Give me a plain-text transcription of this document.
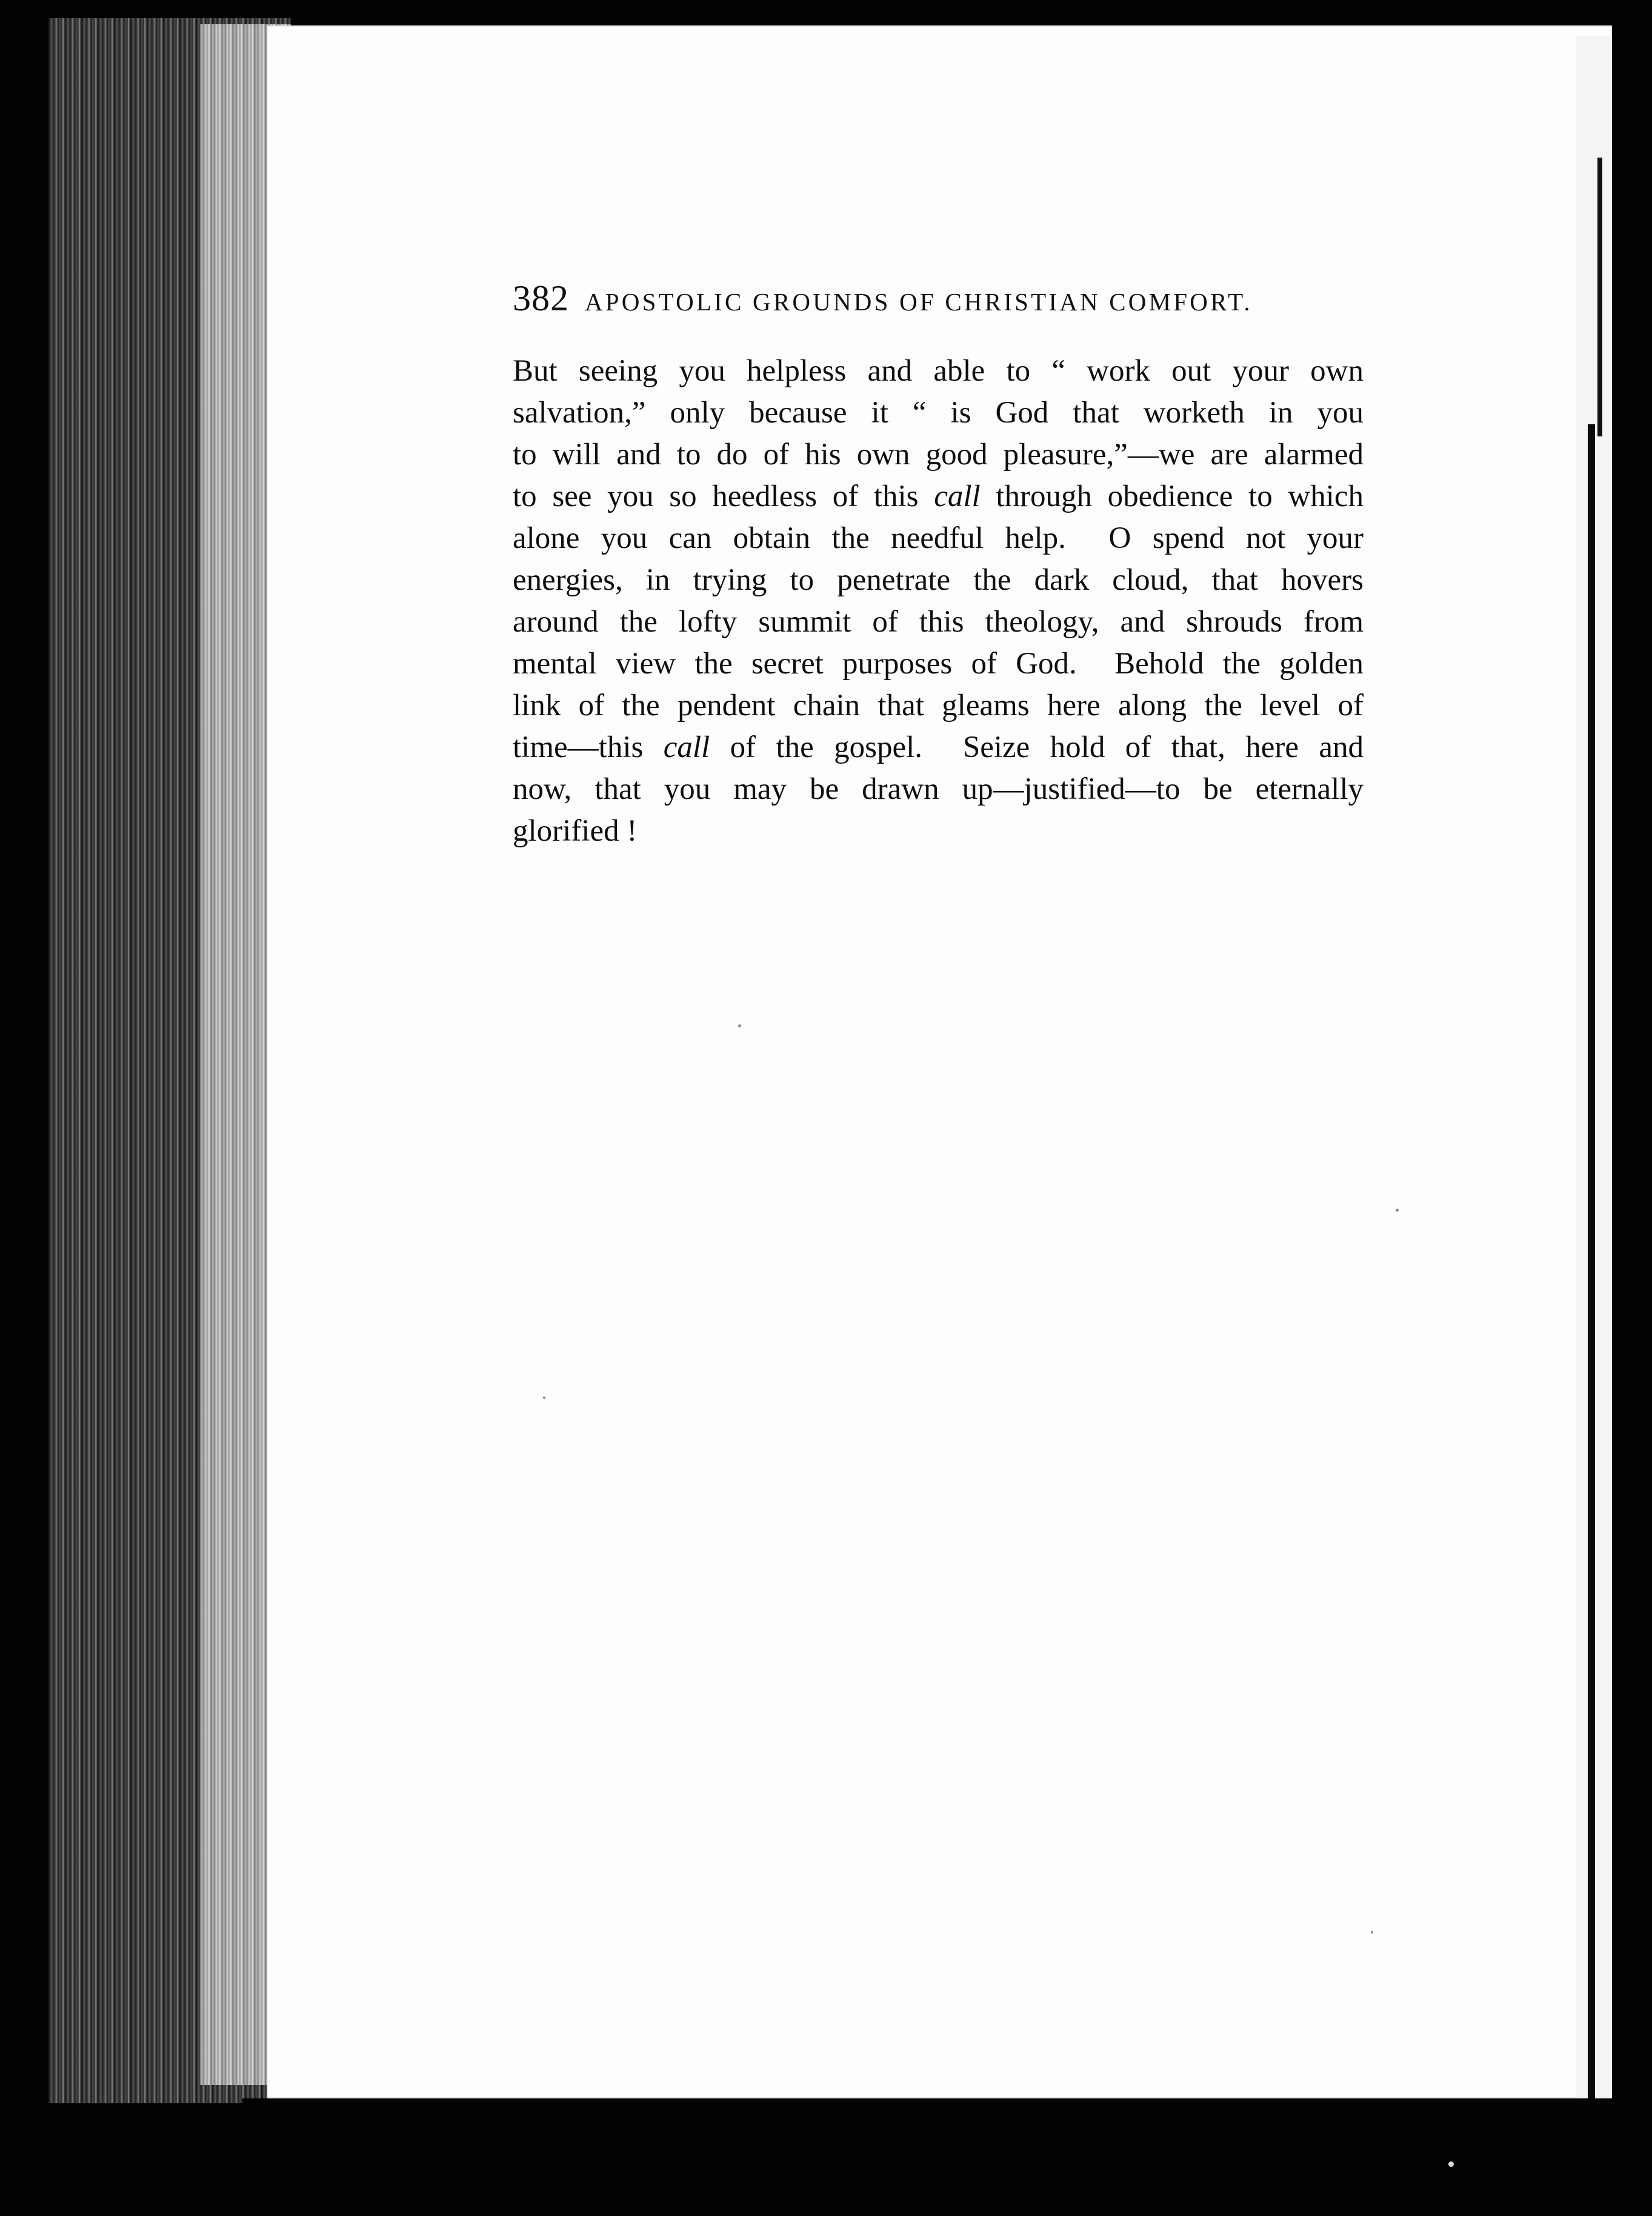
382 APOSTOLIC GROUNDS OF CHRISTIAN COMFORT.
But seeing you helpless and able to “ work out your own
salvation,” only because it “ is God that worketh in you
to will and to do of his own good pleasure,”—we are alarmed
to see you so heedless of this call through obedience to which
alone you can obtain the needful help.  O spend not your
energies, in trying to penetrate the dark cloud, that hovers
around the lofty summit of this theology, and shrouds from
mental view the secret purposes of God.  Behold the golden
link of the pendent chain that gleams here along the level of
time—this call of the gospel.  Seize hold of that, here and
now, that you may be drawn up—justified—to be eternally
glorified !
